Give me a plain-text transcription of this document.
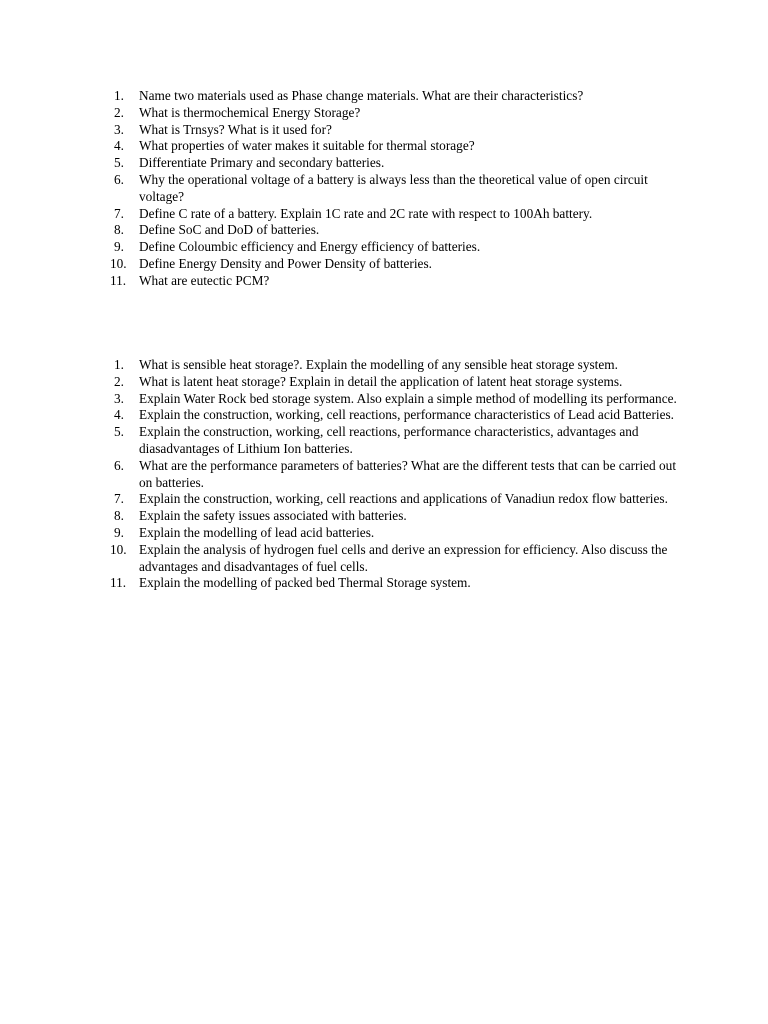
1. Name two materials used as Phase change materials. What are their characteristics?
2. What is thermochemical Energy Storage?
3. What is Trnsys? What is it used for?
4. What properties of water makes it suitable for thermal storage?
5. Differentiate Primary and secondary batteries.
6. Why the operational voltage of a battery is always less than the theoretical value of open circuit voltage?
7. Define C rate of a battery. Explain 1C rate and 2C rate with respect to 100Ah battery.
8. Define SoC and DoD of batteries.
9. Define Coloumbic efficiency and Energy efficiency of batteries.
10. Define Energy Density and Power Density of batteries.
11. What are eutectic PCM?
1. What is sensible heat storage?. Explain the modelling of any sensible heat storage system.
2. What is latent heat storage? Explain in detail the application of latent heat storage systems.
3. Explain Water Rock bed storage system. Also explain a simple method of modelling its performance.
4. Explain the construction, working, cell reactions, performance characteristics of Lead acid Batteries.
5. Explain the construction, working, cell reactions, performance characteristics, advantages and diasadvantages of Lithium Ion batteries.
6. What are the performance parameters of batteries? What are the different tests that can be carried out on batteries.
7. Explain the construction, working, cell reactions and applications of Vanadiun redox flow batteries.
8. Explain the safety issues associated with batteries.
9. Explain the modelling of lead acid batteries.
10. Explain the analysis of hydrogen fuel cells and derive an expression for efficiency. Also discuss the advantages and disadvantages of fuel cells.
11. Explain the modelling of packed bed Thermal Storage system.
